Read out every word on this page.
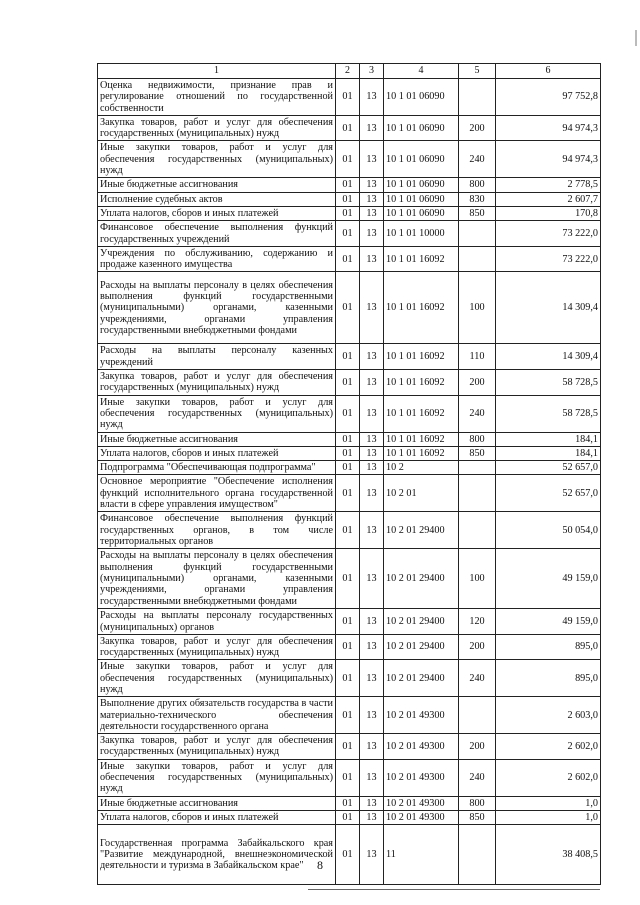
1	2	3	4	5	6
Оценка недвижимости, признание прав и регулирование отношений по государственной собственности	01	13	10 1 01 06090		97 752,8
Закупка товаров, работ и услуг для обеспечения государственных (муниципальных) нужд	01	13	10 1 01 06090	200	94 974,3
Иные закупки товаров, работ и услуг для обеспечения государственных (муниципальных) нужд	01	13	10 1 01 06090	240	94 974,3
Иные бюджетные ассигнования	01	13	10 1 01 06090	800	2 778,5
Исполнение судебных актов	01	13	10 1 01 06090	830	2 607,7
Уплата налогов, сборов и иных платежей	01	13	10 1 01 06090	850	170,8
Финансовое обеспечение выполнения функций государственных учреждений	01	13	10 1 01 10000		73 222,0
Учреждения по обслуживанию, содержанию и продаже казенного имущества	01	13	10 1 01 16092		73 222,0
Расходы на выплаты персоналу в целях обеспечения выполнения функций государственными (муниципальными) органами, казенными учреждениями, органами управления государственными внебюджетными фондами	01	13	10 1 01 16092	100	14 309,4
Расходы на выплаты персоналу казенных учреждений	01	13	10 1 01 16092	110	14 309,4
Закупка товаров, работ и услуг для обеспечения государственных (муниципальных) нужд	01	13	10 1 01 16092	200	58 728,5
Иные закупки товаров, работ и услуг для обеспечения государственных (муниципальных) нужд	01	13	10 1 01 16092	240	58 728,5
Иные бюджетные ассигнования	01	13	10 1 01 16092	800	184,1
Уплата налогов, сборов и иных платежей	01	13	10 1 01 16092	850	184,1
Подпрограмма "Обеспечивающая подпрограмма"	01	13	10 2		52 657,0
Основное мероприятие "Обеспечение исполнения функций исполнительного органа государственной власти в сфере управления имуществом"	01	13	10 2 01		52 657,0
Финансовое обеспечение выполнения функций государственных органов, в том числе территориальных органов	01	13	10 2 01 29400		50 054,0
Расходы на выплаты персоналу в целях обеспечения выполнения функций государственными (муниципальными) органами, казенными учреждениями, органами управления государственными внебюджетными фондами	01	13	10 2 01 29400	100	49 159,0
Расходы на выплаты персоналу государственных (муниципальных) органов	01	13	10 2 01 29400	120	49 159,0
Закупка товаров, работ и услуг для обеспечения государственных (муниципальных) нужд	01	13	10 2 01 29400	200	895,0
Иные закупки товаров, работ и услуг для обеспечения государственных (муниципальных) нужд	01	13	10 2 01 29400	240	895,0
Выполнение других обязательств государства в части материально-технического обеспечения деятельности государственного органа	01	13	10 2 01 49300		2 603,0
Закупка товаров, работ и услуг для обеспечения государственных (муниципальных) нужд	01	13	10 2 01 49300	200	2 602,0
Иные закупки товаров, работ и услуг для обеспечения государственных (муниципальных) нужд	01	13	10 2 01 49300	240	2 602,0
Иные бюджетные ассигнования	01	13	10 2 01 49300	800	1,0
Уплата налогов, сборов и иных платежей	01	13	10 2 01 49300	850	1,0
Государственная программа Забайкальского края "Развитие международной, внешнеэкономической деятельности и туризма в Забайкальском крае"	01	13	11		38 408,5
8
